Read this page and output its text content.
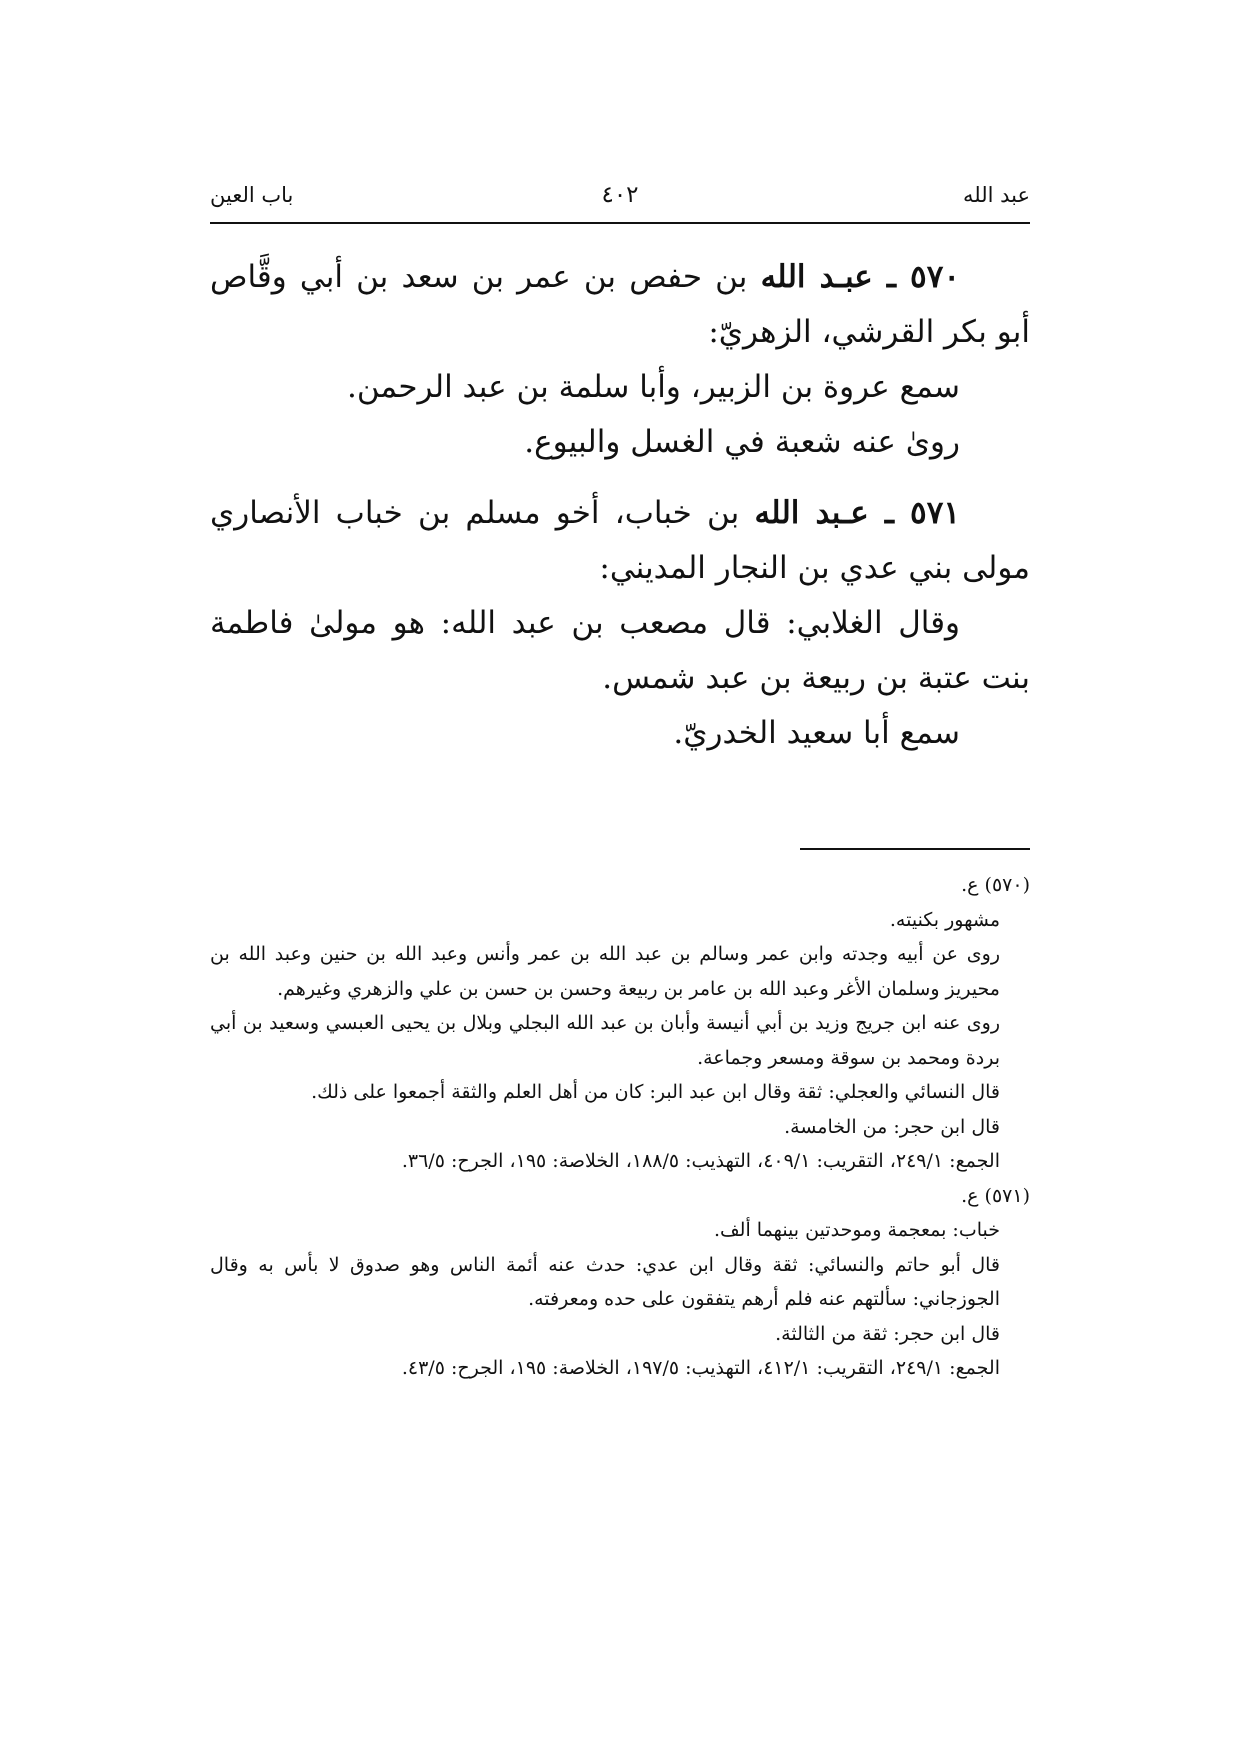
عبد الله
٤٠٢
باب العين

٥٧٠ ـ عبـد الله بن حفص بن عمر بن سعد بن أبي وقَّاص أبو بكر القرشي، الزهريّ:

سمع عروة بن الزبير، وأبا سلمة بن عبد الرحمن.

روىٰ عنه شعبة في الغسل والبيوع.

٥٧١ ـ عـبد الله بن خباب، أخو مسلم بن خباب الأنصاري مولى بني عدي بن النجار المديني:

وقال الغلابي: قال مصعب بن عبد الله: هو مولىٰ فاطمة بنت عتبة بن ربيعة بن عبد شمس.

سمع أبا سعيد الخدريّ.

(٥٧٠) ع.
مشهور بكنيته.
روى عن أبيه وجدته وابن عمر وسالم بن عبد الله بن عمر وأنس وعبد الله بن حنين وعبد الله بن محيريز وسلمان الأغر وعبد الله بن عامر بن ربيعة وحسن بن حسن بن علي والزهري وغيرهم.
روى عنه ابن جريج وزيد بن أبي أنيسة وأبان بن عبد الله البجلي وبلال بن يحيى العبسي وسعيد بن أبي بردة ومحمد بن سوقة ومسعر وجماعة.
قال النسائي والعجلي: ثقة وقال ابن عبد البر: كان من أهل العلم والثقة أجمعوا على ذلك.
قال ابن حجر: من الخامسة.
الجمع: ٢٤٩/١، التقريب: ٤٠٩/١، التهذيب: ١٨٨/٥، الخلاصة: ١٩٥، الجرح: ٣٦/٥.
(٥٧١) ع.
خباب: بمعجمة وموحدتين بينهما ألف.
قال أبو حاتم والنسائي: ثقة وقال ابن عدي: حدث عنه أئمة الناس وهو صدوق لا بأس به وقال الجوزجاني: سألتهم عنه فلم أرهم يتفقون على حده ومعرفته.
قال ابن حجر: ثقة من الثالثة.
الجمع: ٢٤٩/١، التقريب: ٤١٢/١، التهذيب: ١٩٧/٥، الخلاصة: ١٩٥، الجرح: ٤٣/٥.
